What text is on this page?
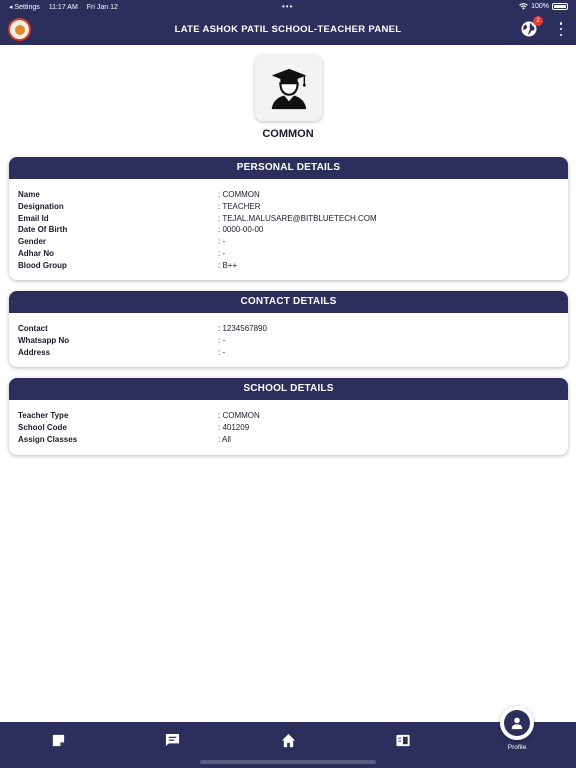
◂ Settings 11:17 AM Fri Jan 12	•••	100%
LATE ASHOK PATIL SCHOOL-TEACHER PANEL
2
COMMON
PERSONAL DETAILS
Name	: COMMON
Designation	: TEACHER
Email Id	: TEJAL.MALUSARE@BITBLUETECH.COM
Date Of Birth	: 0000-00-00
Gender	: -
Adhar No	: -
Blood Group	: B++
CONTACT DETAILS
Contact	: 1234567890
Whatsapp No	: -
Address	: -
SCHOOL DETAILS
Teacher Type	: COMMON
School Code	: 401209
Assign Classes	: All
Profile
